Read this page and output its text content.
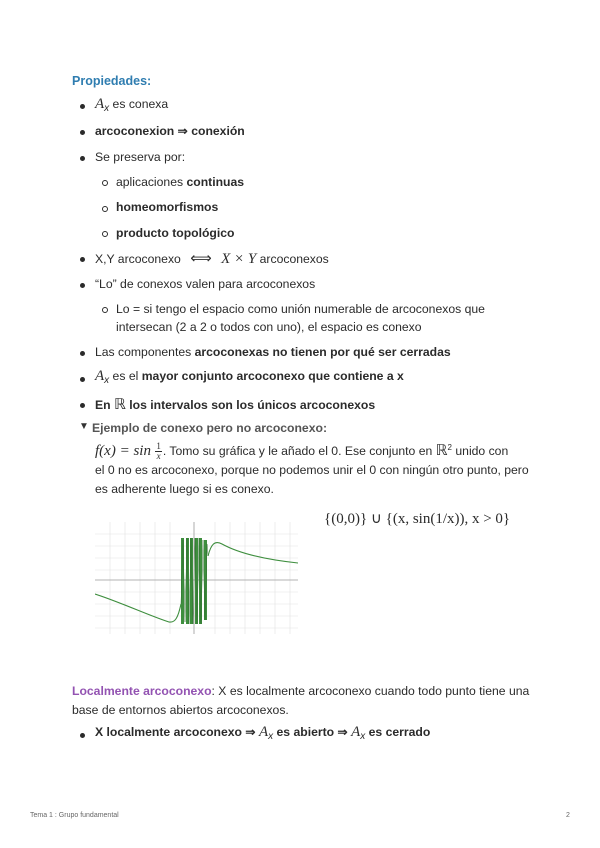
Propiedades:
$A_x$ es conexa
arcoconexion ⇒ conexión
Se preserva por:
aplicaciones continuas
homeomorfismos
producto topológico
X,Y arcoconexo ⟺ X × Y arcoconexos
“Lo” de conexos valen para arcoconexos
Lo = si tengo el espacio como unión numerable de arcoconexos que
intersecan (2 a 2 o todos con uno), el espacio es conexo
Las componentes arcoconexas no tienen por qué ser cerradas
$A_x$ es el mayor conjunto arcoconexo que contiene a x
En ℝ los intervalos son los únicos arcoconexos
▼ Ejemplo de conexo pero no arcoconexo:
$f(x) = \sin \frac{1}{x}$ . Tomo su gráfica y le añado el 0. Ese conjunto en ℝ$^2$ unido con
el 0 no es arcoconexo, porque no podemos unir el 0 con ningún otro punto, pero
es adherente luego si es conexo.
{(0,0)} ∪ {(x, sin(1/x)), x > 0}
Localmente arcoconexo: X es localmente arcoconexo cuando todo punto tiene una
base de entornos abiertos arcoconexos.
X localmente arcoconexo ⇒ $A_x$ es abierto ⇒ $A_x$ es cerrado
Tema 1 : Grupo fundamental	2
